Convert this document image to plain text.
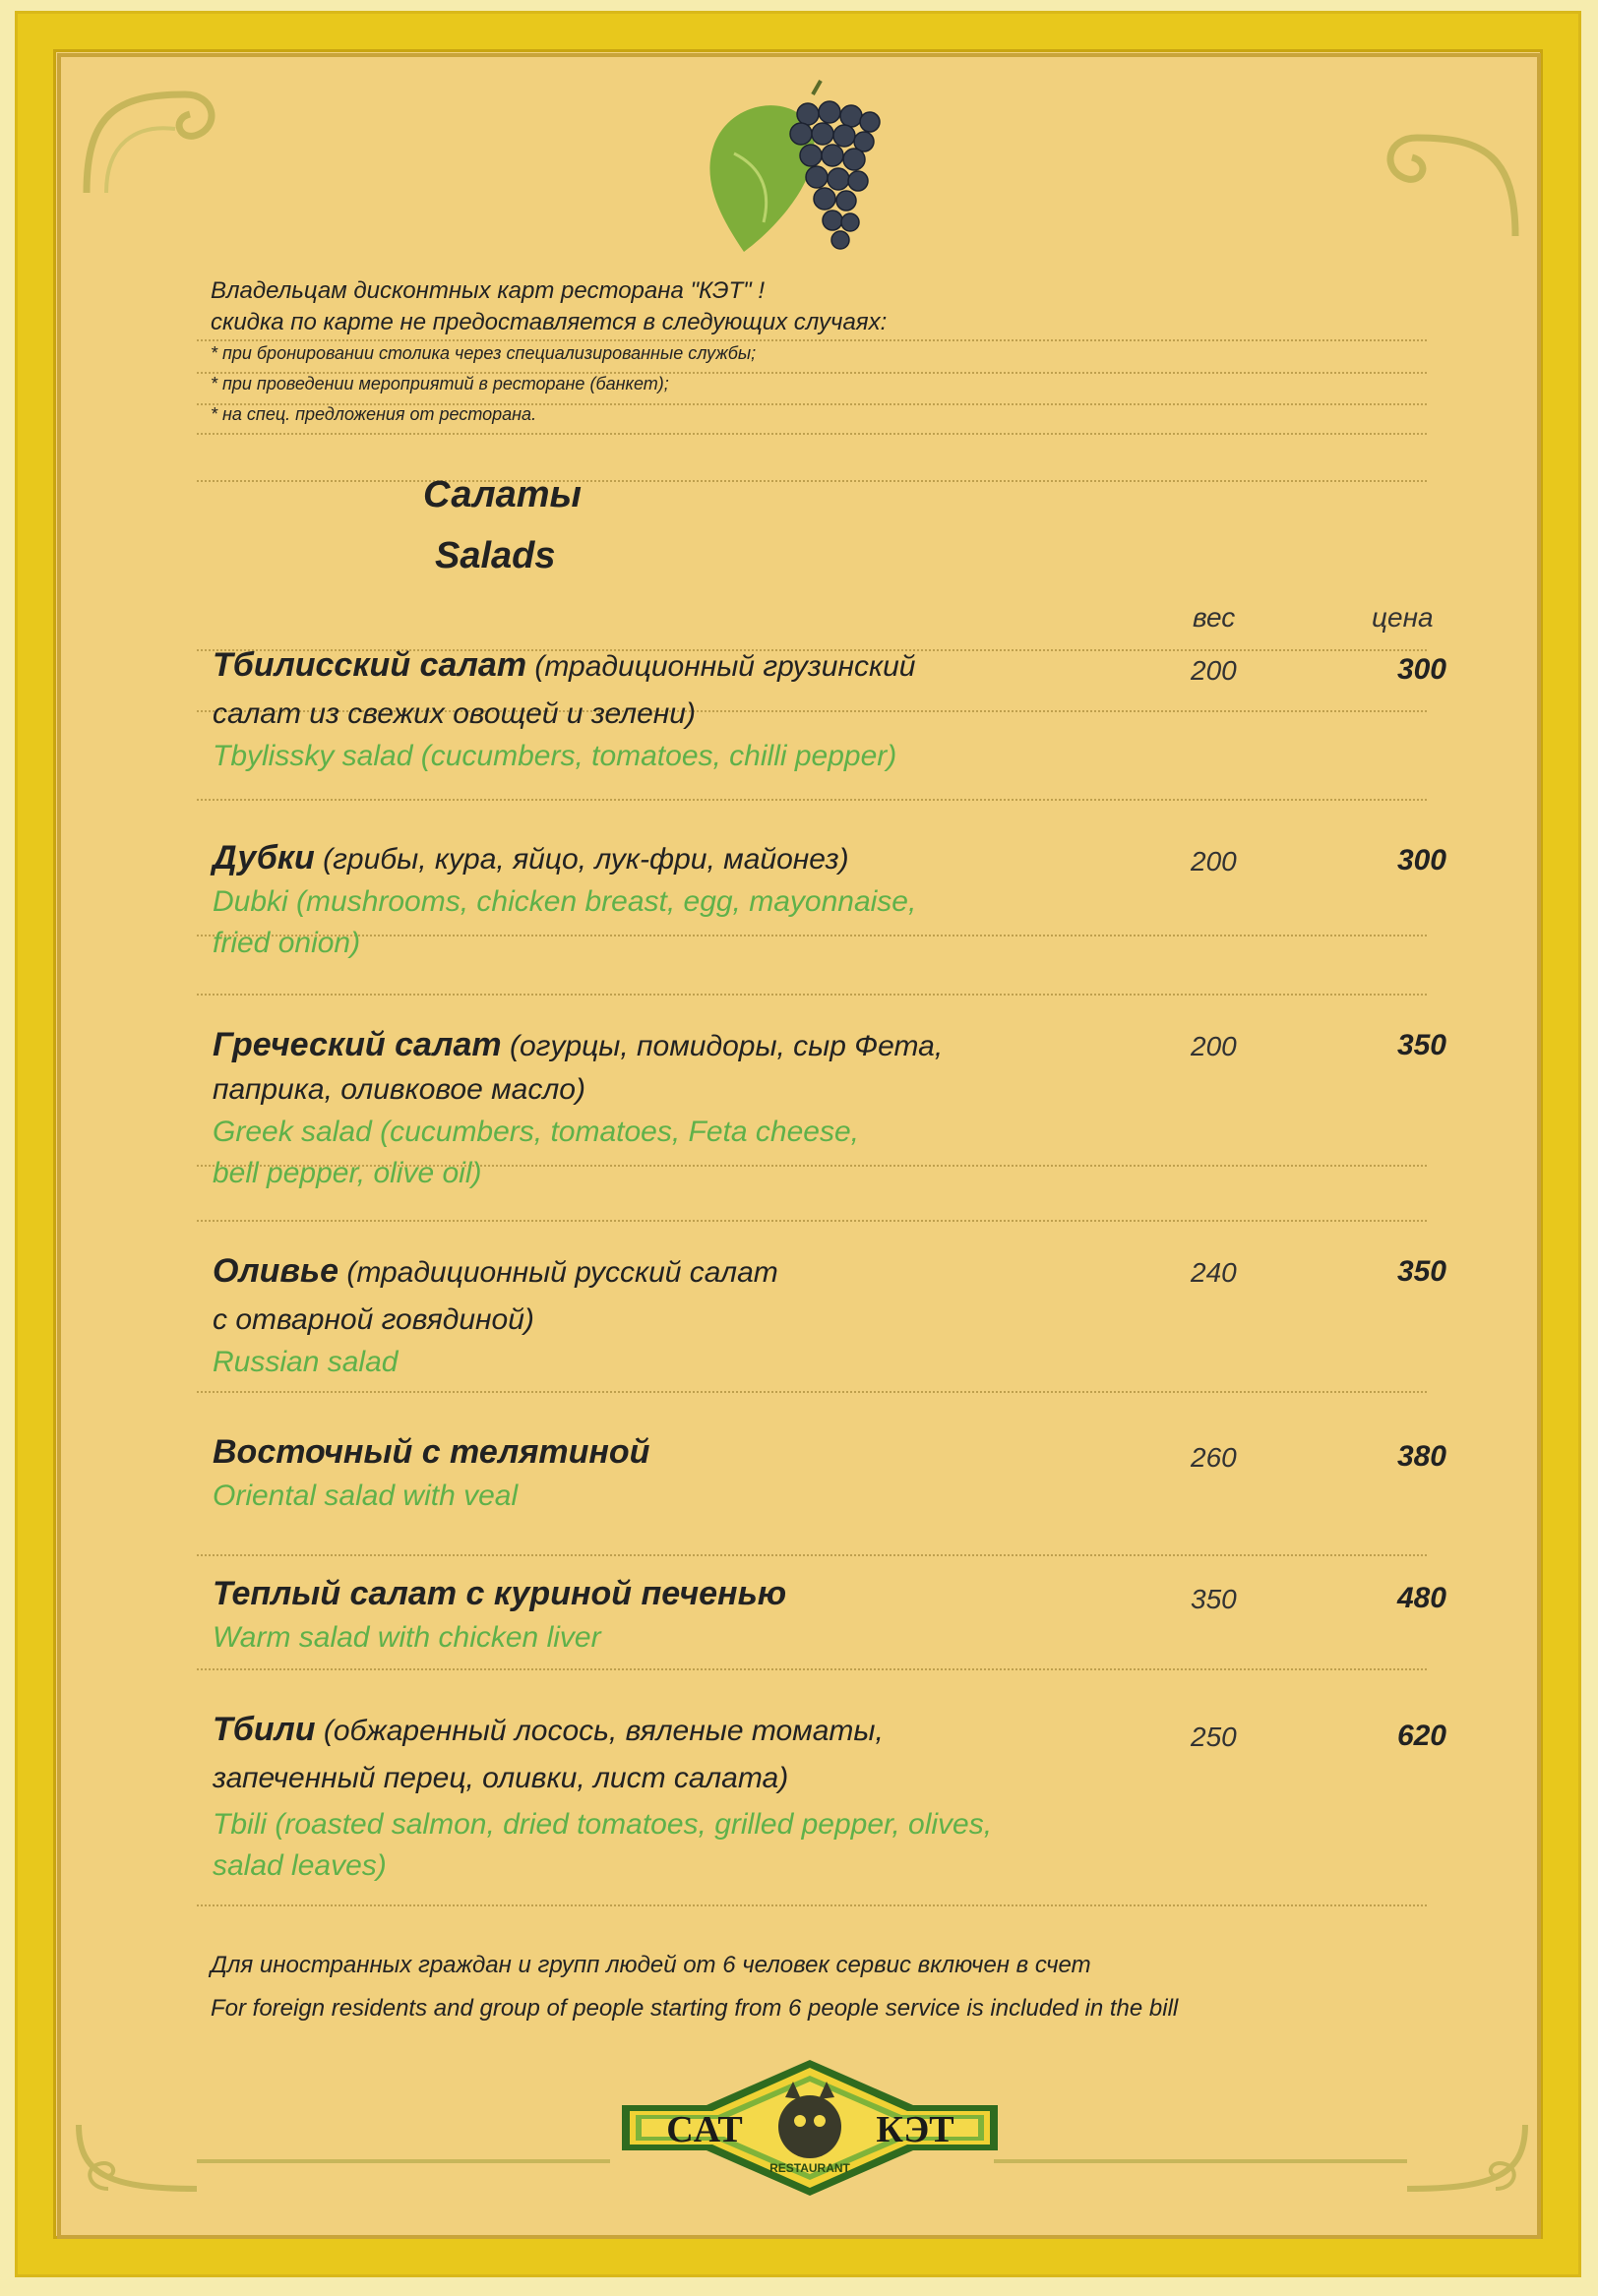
Владельцам дисконтных карт ресторана "КЭТ" !
скидка по карте не предоставляется в следующих случаях:
* при бронировании столика через специализированные службы;
* при проведении мероприятий в ресторане (банкет);
* на спец. предложения от ресторана.
Салаты
Salads
вес	цена
Тбилисский салат (традиционный грузинский
салат из свежих овощей и зелени)
Tbylissky salad (cucumbers, tomatoes, chilli pepper)
200	300
Дубки (грибы, кура, яйцо, лук-фри, майонез)
Dubki (mushrooms, chicken breast, egg, mayonnaise,
fried onion)
200	300
Греческий салат (огурцы, помидоры, сыр Фета,
паприка, оливковое масло)
Greek salad (cucumbers, tomatoes, Feta cheese,
bell pepper, olive oil)
200	350
Оливье (традиционный русский салат
с отварной говядиной)
Russian salad
240	350
Восточный с телятиной
Oriental salad with veal
260	380
Теплый салат с куриной печенью
Warm salad with chicken liver
350	480
Тбили (обжаренный лосось, вяленые томаты,
запеченный перец, оливки, лист салата)
Tbili (roasted salmon, dried tomatoes, grilled pepper, olives,
salad leaves)
250	620
Для иностранных граждан и групп людей от 6 человек сервис включен в счет
For foreign residents and group of people starting from 6 people service is included in the bill
CAT	КЭТ
RESTAURANT
